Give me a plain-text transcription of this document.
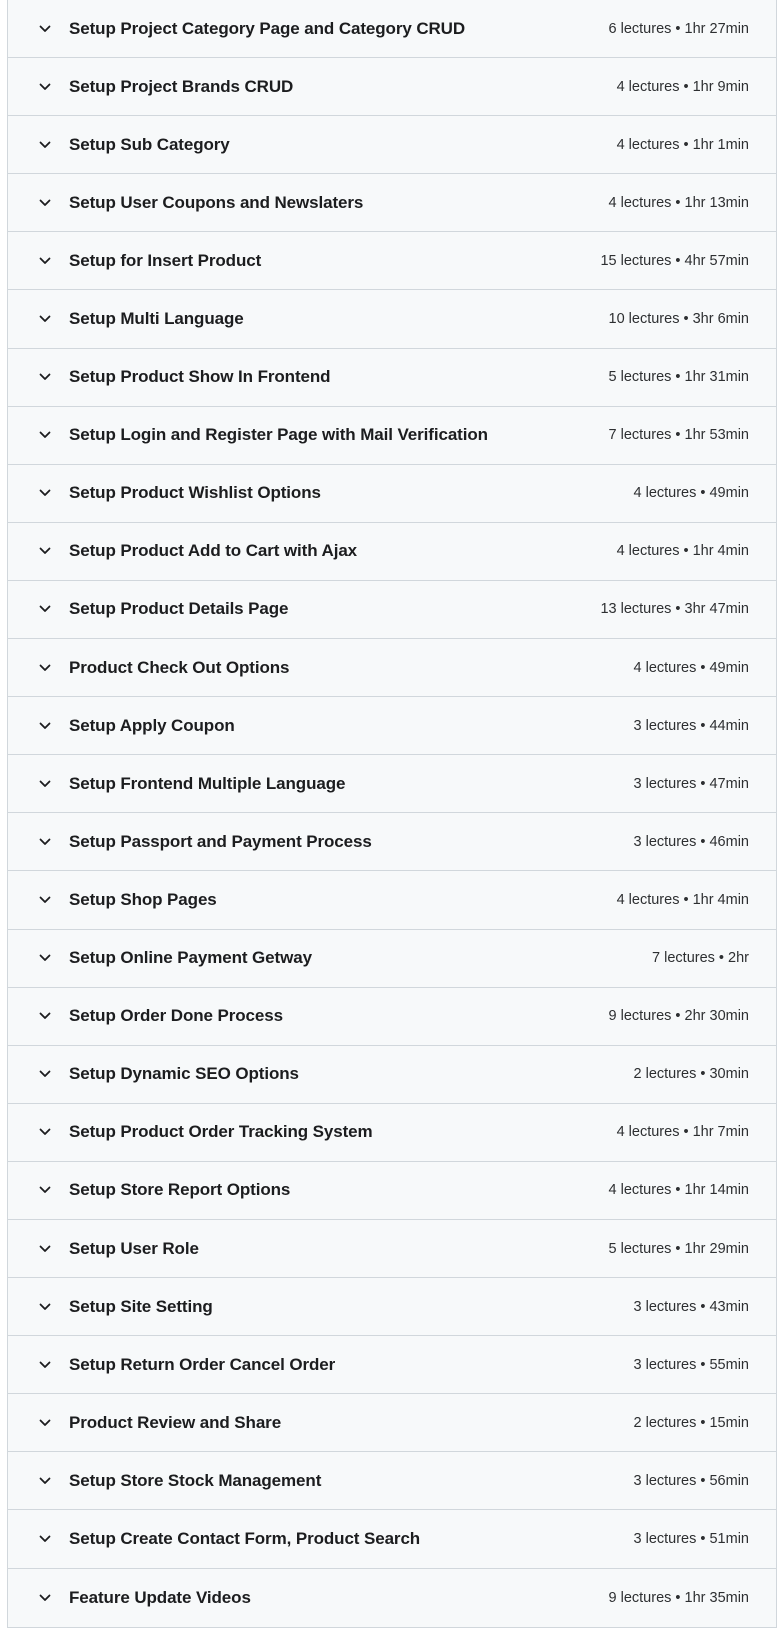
Setup Project Category Page and Category CRUD	6 lectures • 1hr 27min
Setup Project Brands CRUD	4 lectures • 1hr 9min
Setup Sub Category	4 lectures • 1hr 1min
Setup User Coupons and Newslaters	4 lectures • 1hr 13min
Setup for Insert Product	15 lectures • 4hr 57min
Setup Multi Language	10 lectures • 3hr 6min
Setup Product Show In Frontend	5 lectures • 1hr 31min
Setup Login and Register Page with Mail Verification	7 lectures • 1hr 53min
Setup Product Wishlist Options	4 lectures • 49min
Setup Product Add to Cart with Ajax	4 lectures • 1hr 4min
Setup Product Details Page	13 lectures • 3hr 47min
Product Check Out Options	4 lectures • 49min
Setup Apply Coupon	3 lectures • 44min
Setup Frontend Multiple Language	3 lectures • 47min
Setup Passport and Payment Process	3 lectures • 46min
Setup Shop Pages	4 lectures • 1hr 4min
Setup Online Payment Getway	7 lectures • 2hr
Setup Order Done Process	9 lectures • 2hr 30min
Setup Dynamic SEO Options	2 lectures • 30min
Setup Product Order Tracking System	4 lectures • 1hr 7min
Setup Store Report Options	4 lectures • 1hr 14min
Setup User Role	5 lectures • 1hr 29min
Setup Site Setting	3 lectures • 43min
Setup Return Order Cancel Order	3 lectures • 55min
Product Review and Share	2 lectures • 15min
Setup Store Stock Management	3 lectures • 56min
Setup Create Contact Form, Product Search	3 lectures • 51min
Feature Update Videos	9 lectures • 1hr 35min
